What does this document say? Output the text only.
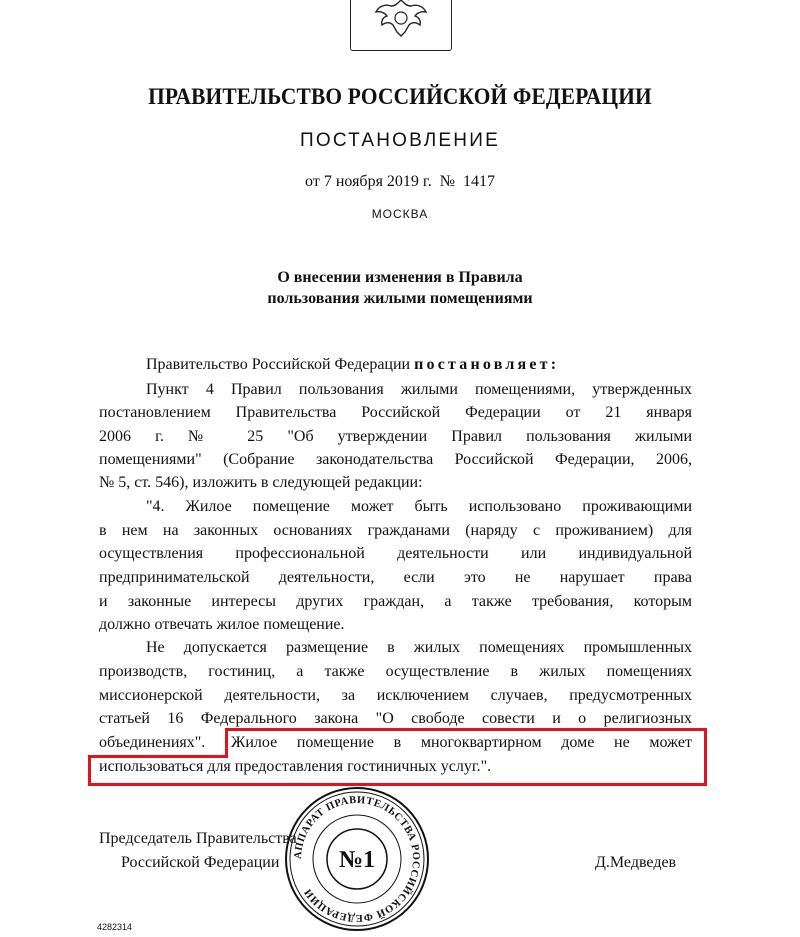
ПРАВИТЕЛЬСТВО РОССИЙСКОЙ ФЕДЕРАЦИИ
ПОСТАНОВЛЕНИЕ
от 7 ноября 2019 г.  №  1417
МОСКВА
О внесении изменения в Правила
пользования жилыми помещениями
Правительство Российской Федерации постановляет:
Пункт 4 Правил пользования жилыми помещениями, утвержденных
постановлением Правительства Российской Федерации от 21 января
2006 г. № 25 "Об утверждении Правил пользования жилыми
помещениями" (Собрание законодательства Российской Федерации, 2006,
№ 5, ст. 546), изложить в следующей редакции:
"4. Жилое помещение может быть использовано проживающими
в нем на законных основаниях гражданами (наряду с проживанием) для
осуществления профессиональной деятельности или индивидуальной
предпринимательской деятельности, если это не нарушает права
и законные интересы других граждан, а также требования, которым
должно отвечать жилое помещение.
Не допускается размещение в жилых помещениях промышленных
производств, гостиниц, а также осуществление в жилых помещениях
миссионерской деятельности, за исключением случаев, предусмотренных
статьей 16 Федерального закона "О свободе совести и о религиозных
объединениях". Жилое помещение в многоквартирном доме не может
использоваться для предоставления гостиничных услуг.".
Председатель Правительства
Российской Федерации	Д.Медведев
АППАРАТ ПРАВИТЕЛЬСТВА РОССИЙСКОЙ ФЕДЕРАЦИИ
№1
4282314
